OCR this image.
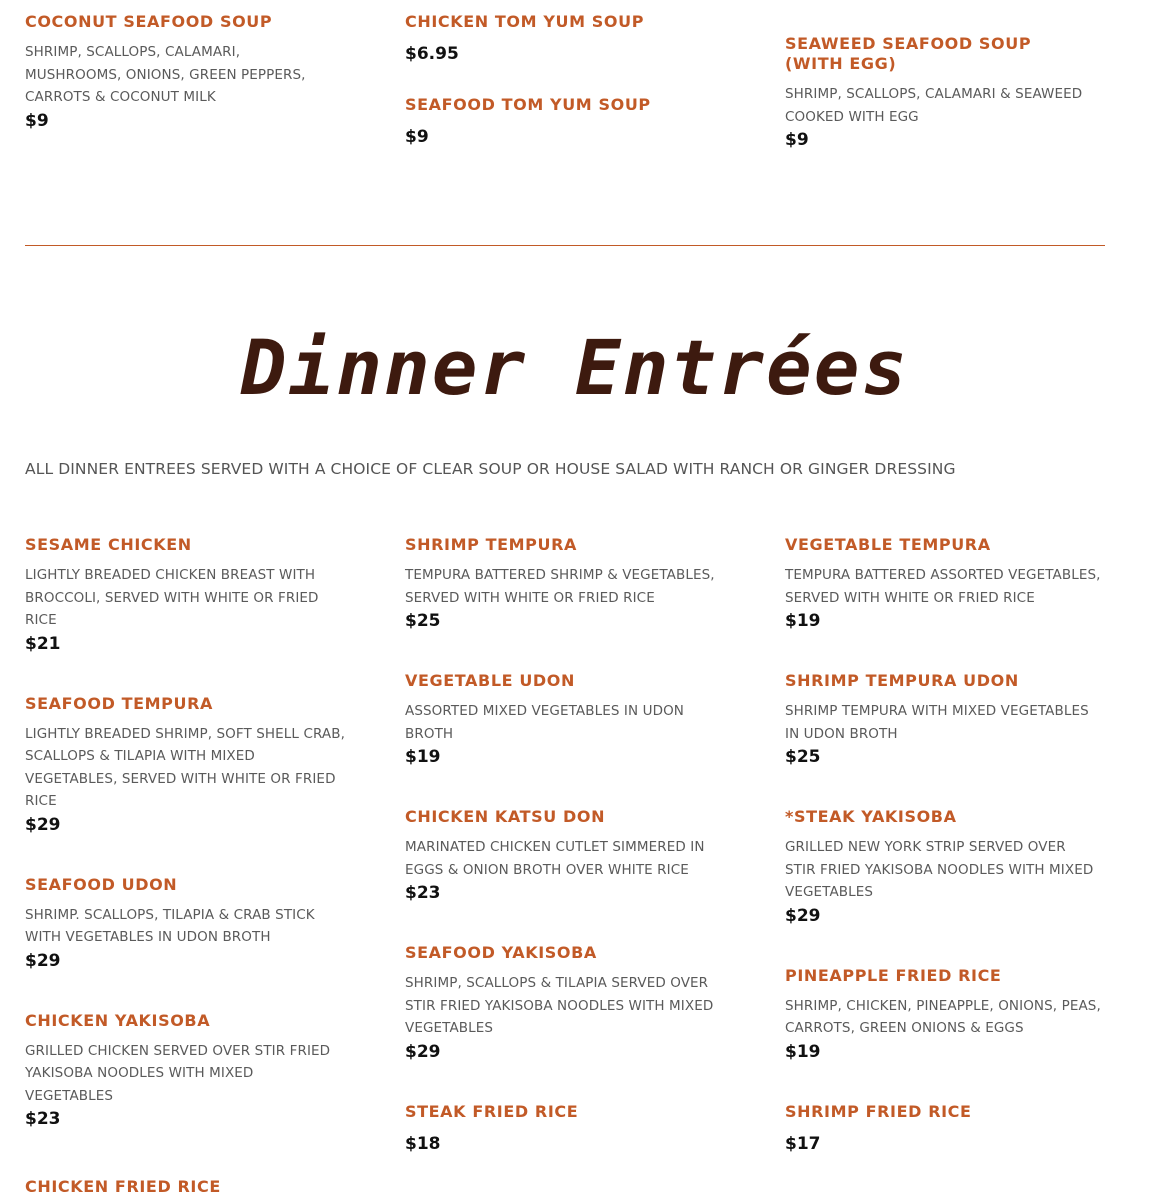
COCONUT SEAFOOD SOUP
SHRIMP, SCALLOPS, CALAMARI, MUSHROOMS, ONIONS, GREEN PEPPERS, CARROTS & COCONUT MILK
$9
CHICKEN TOM YUM SOUP
$6.95
SEAFOOD TOM YUM SOUP
$9
SEAWEED SEAFOOD SOUP (WITH EGG)
SHRIMP, SCALLOPS, CALAMARI & SEAWEED COOKED WITH EGG
$9
Dinner Entrées
ALL DINNER ENTREES SERVED WITH A CHOICE OF CLEAR SOUP OR HOUSE SALAD WITH RANCH OR GINGER DRESSING
SESAME CHICKEN
LIGHTLY BREADED CHICKEN BREAST WITH BROCCOLI, SERVED WITH WHITE OR FRIED RICE
$21
SEAFOOD TEMPURA
LIGHTLY BREADED SHRIMP, SOFT SHELL CRAB, SCALLOPS & TILAPIA WITH MIXED VEGETABLES, SERVED WITH WHITE OR FRIED RICE
$29
SEAFOOD UDON
SHRIMP. SCALLOPS, TILAPIA & CRAB STICK WITH VEGETABLES IN UDON BROTH
$29
CHICKEN YAKISOBA
GRILLED CHICKEN SERVED OVER STIR FRIED YAKISOBA NOODLES WITH MIXED VEGETABLES
$23
CHICKEN FRIED RICE
SHRIMP TEMPURA
TEMPURA BATTERED SHRIMP & VEGETABLES, SERVED WITH WHITE OR FRIED RICE
$25
VEGETABLE UDON
ASSORTED MIXED VEGETABLES IN UDON BROTH
$19
CHICKEN KATSU DON
MARINATED CHICKEN CUTLET SIMMERED IN EGGS & ONION BROTH OVER WHITE RICE
$23
SEAFOOD YAKISOBA
SHRIMP, SCALLOPS & TILAPIA SERVED OVER STIR FRIED YAKISOBA NOODLES WITH MIXED VEGETABLES
$29
STEAK FRIED RICE
$18
VEGETABLE TEMPURA
TEMPURA BATTERED ASSORTED VEGETABLES, SERVED WITH WHITE OR FRIED RICE
$19
SHRIMP TEMPURA UDON
SHRIMP TEMPURA WITH MIXED VEGETABLES IN UDON BROTH
$25
*STEAK YAKISOBA
GRILLED NEW YORK STRIP SERVED OVER STIR FRIED YAKISOBA NOODLES WITH MIXED VEGETABLES
$29
PINEAPPLE FRIED RICE
SHRIMP, CHICKEN, PINEAPPLE, ONIONS, PEAS, CARROTS, GREEN ONIONS & EGGS
$19
SHRIMP FRIED RICE
$17
